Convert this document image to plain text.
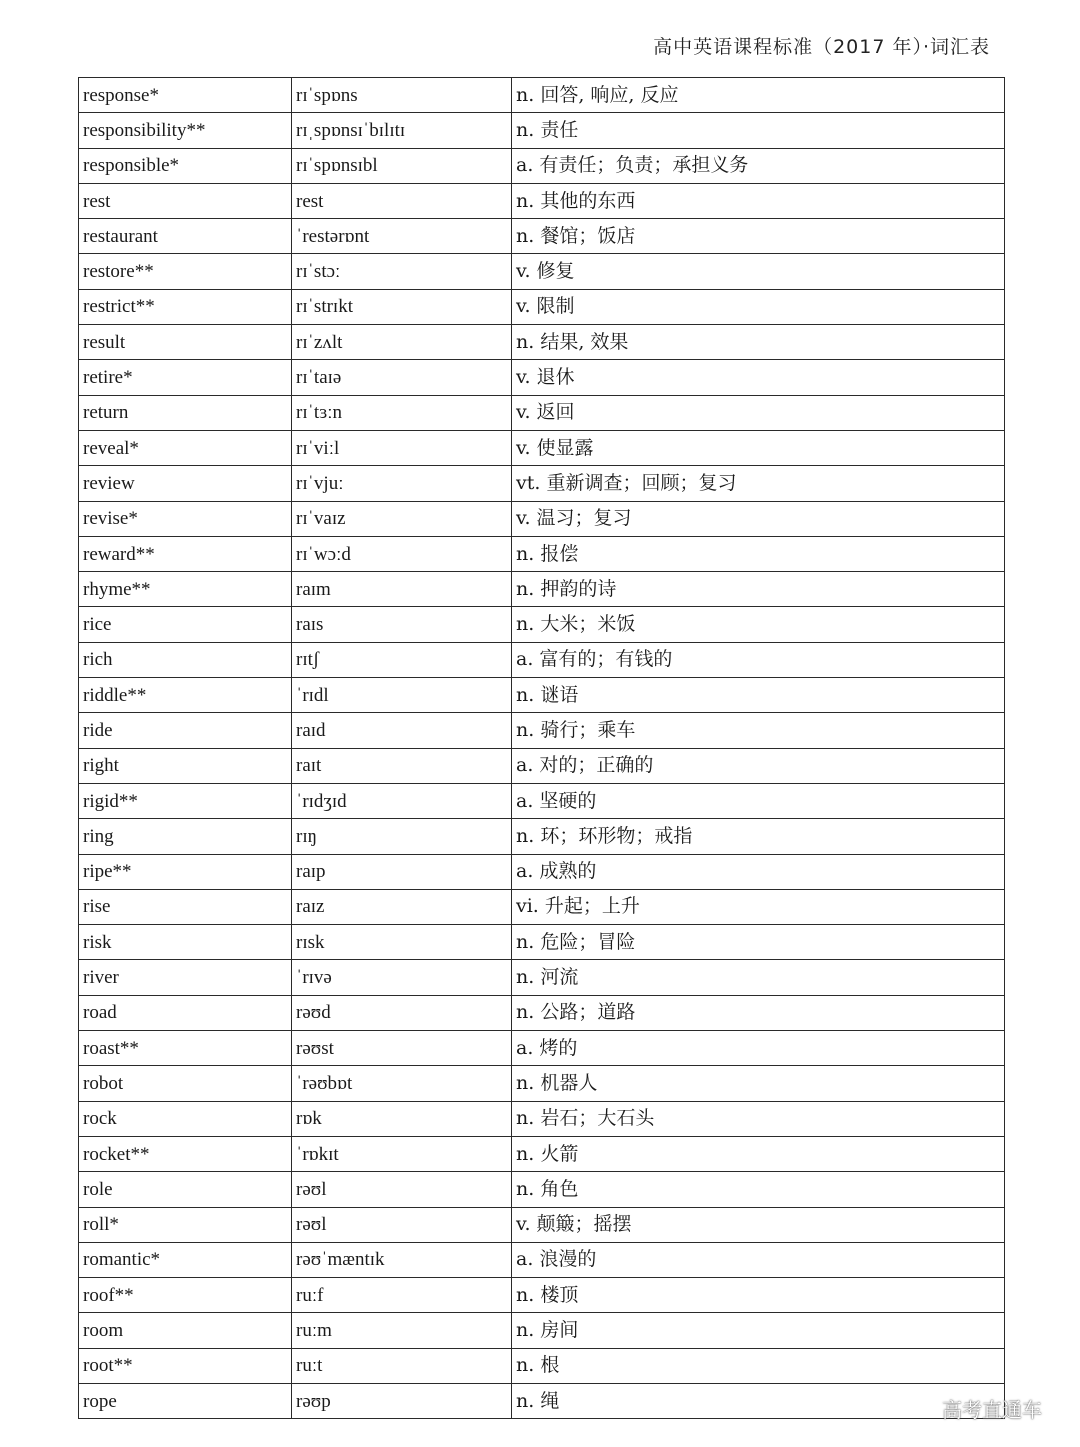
高中英语课程标准（2017 年）·词汇表
response*	rɪˈspɒns	n. 回答, 响应, 反应
responsibility**	rɪˌspɒnsɪˈbɪlɪtɪ	n. 责任
responsible*	rɪˈspɒnsɪbl	a. 有责任；负责；承担义务
rest	rest	n. 其他的东西
restaurant	ˈrestərɒnt	n. 餐馆；饭店
restore**	rɪˈstɔː	v. 修复
restrict**	rɪˈstrɪkt	v. 限制
result	rɪˈzʌlt	n. 结果, 效果
retire*	rɪˈtaɪə	v. 退休
return	rɪˈtɜːn	v. 返回
reveal*	rɪˈviːl	v. 使显露
review	rɪˈvjuː	vt. 重新调查；回顾；复习
revise*	rɪˈvaɪz	v. 温习；复习
reward**	rɪˈwɔːd	n. 报偿
rhyme**	raɪm	n. 押韵的诗
rice	raɪs	n. 大米；米饭
rich	rɪtʃ	a. 富有的；有钱的
riddle**	ˈrɪdl	n. 谜语
ride	raɪd	n. 骑行；乘车
right	raɪt	a. 对的；正确的
rigid**	ˈrɪdʒɪd	a. 坚硬的
ring	rɪŋ	n. 环；环形物；戒指
ripe**	raɪp	a. 成熟的
rise	raɪz	vi. 升起；上升
risk	rɪsk	n. 危险；冒险
river	ˈrɪvə	n. 河流
road	rəʊd	n. 公路；道路
roast**	rəʊst	a. 烤的
robot	ˈrəʊbɒt	n. 机器人
rock	rɒk	n. 岩石；大石头
rocket**	ˈrɒkɪt	n. 火箭
role	rəʊl	n. 角色
roll*	rəʊl	v. 颠簸；摇摆
romantic*	rəʊˈmæntɪk	a. 浪漫的
roof**	ruːf	n. 楼顶
room	ruːm	n. 房间
root**	ruːt	n. 根
rope	rəʊp	n. 绳	高考直通车
